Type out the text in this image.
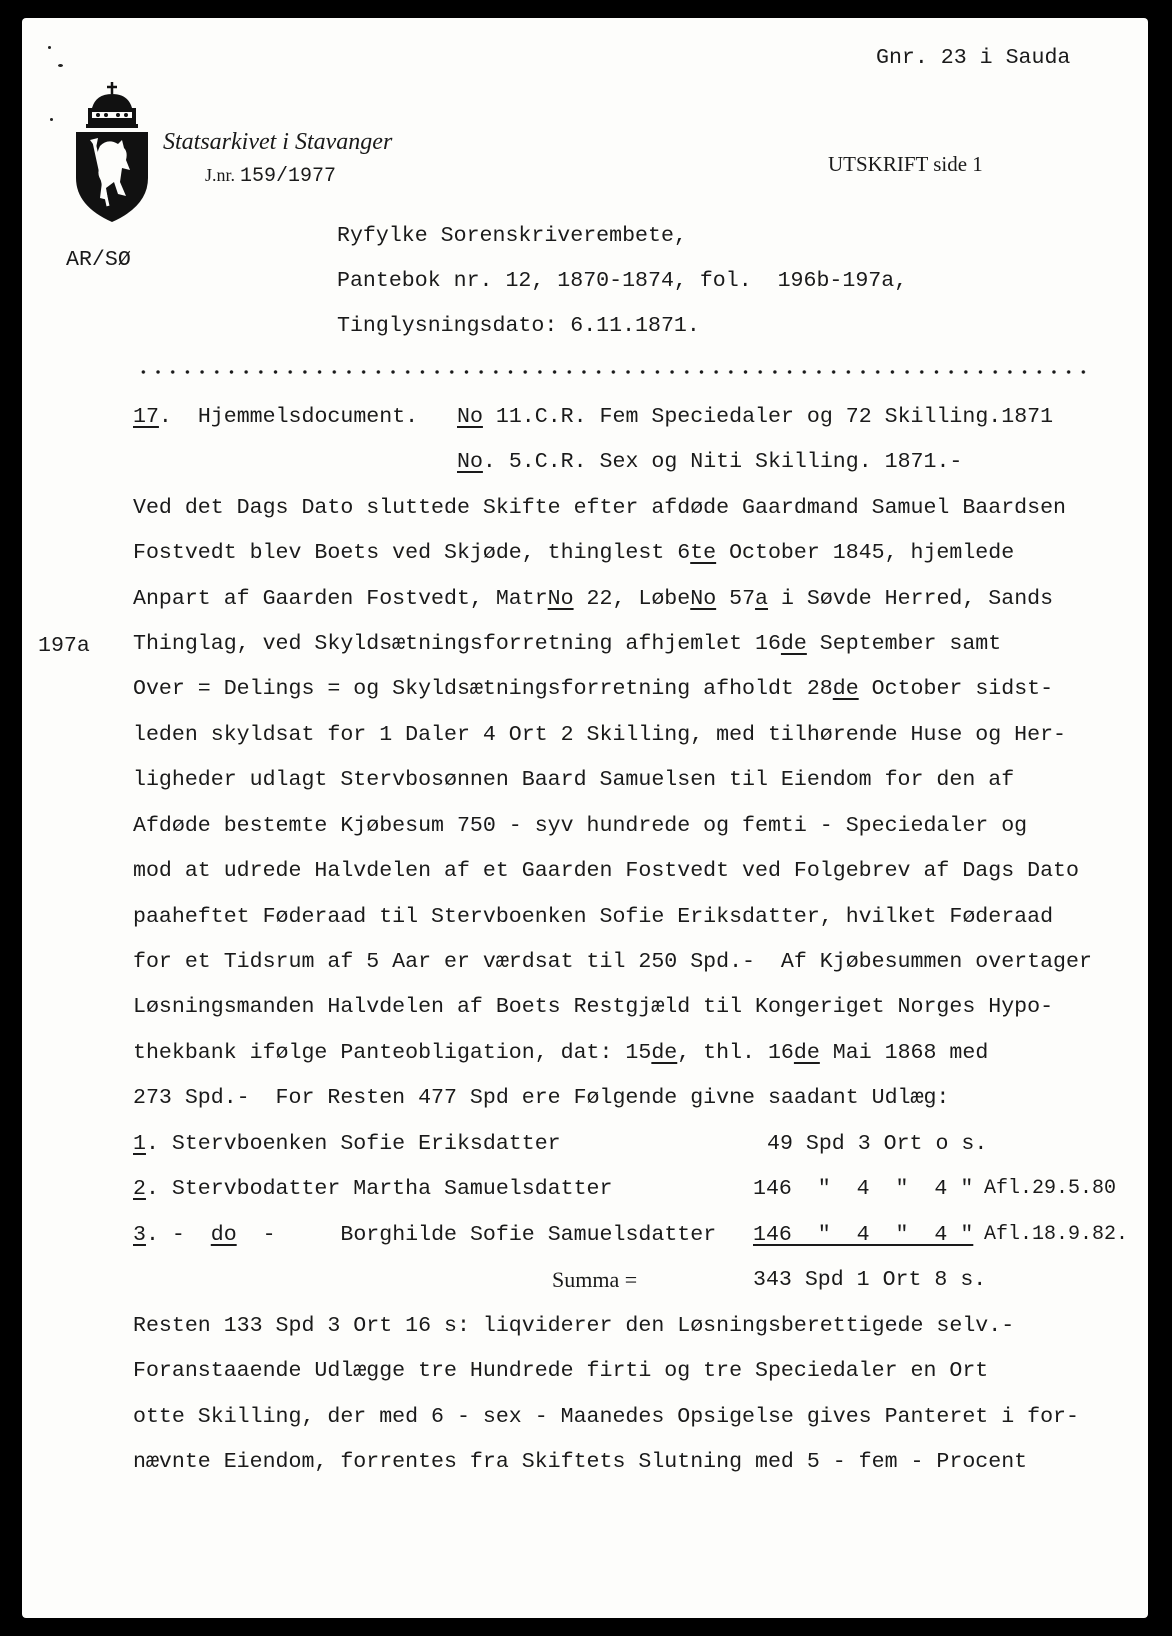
Gnr. 23 i Sauda
Statsarkivet i Stavanger
J.nr. 159/1977
UTSKRIFT side 1
AR/SØ
Ryfylke Sorenskriverembete,
Pantebok nr. 12, 1870-1874, fol.  196b-197a,
Tinglysningsdato: 6.11.1871.
17.  Hjemmelsdocument. No 11.C.R. Fem Speciedaler og 72 Skilling.1871
No. 5.C.R. Sex og Niti Skilling. 1871.-
197a
Ved det Dags Dato sluttede Skifte efter afdøde Gaardmand Samuel Baardsen
Fostvedt blev Boets ved Skjøde, thinglest 6te October 1845, hjemlede
Anpart af Gaarden Fostvedt, MatrNo 22, LøbeNo 57a i Søvde Herred, Sands
Thinglag, ved Skyldsætningsforretning afhjemlet 16de September samt
Over = Delings = og Skyldsætningsforretning afholdt 28de October sidst-
leden skyldsat for 1 Daler 4 Ort 2 Skilling, med tilhørende Huse og Her-
ligheder udlagt Stervbosønnen Baard Samuelsen til Eiendom for den af
Afdøde bestemte Kjøbesum 750 - syv hundrede og femti - Speciedaler og
mod at udrede Halvdelen af et Gaarden Fostvedt ved Folgebrev af Dags Dato
paaheftet Føderaad til Stervboenken Sofie Eriksdatter, hvilket Føderaad
for et Tidsrum af 5 Aar er værdsat til 250 Spd.-  Af Kjøbesummen overtager
Løsningsmanden Halvdelen af Boets Restgjæld til Kongeriget Norges Hypo-
thekbank ifølge Panteobligation, dat: 15de, thl. 16de Mai 1868 med
273 Spd.-  For Resten 477 Spd ere Følgende givne saadant Udlæg:
1. Stervboenken Sofie Eriksdatter	49 Spd 3 Ort o s.
2. Stervbodatter Martha Samuelsdatter	146  "  4  "  4 " Afl.29.5.80
3. -  do  -     Borghilde Sofie Samuelsdatter 146  "  4  "  4 " Afl.18.9.82.
Summa =	343 Spd 1 Ort 8 s.
Resten 133 Spd 3 Ort 16 s: liqviderer den Løsningsberettigede selv.-
Foranstaaende Udlægge tre Hundrede firti og tre Speciedaler en Ort
otte Skilling, der med 6 - sex - Maanedes Opsigelse gives Panteret i for-
nævnte Eiendom, forrentes fra Skiftets Slutning med 5 - fem - Procent
